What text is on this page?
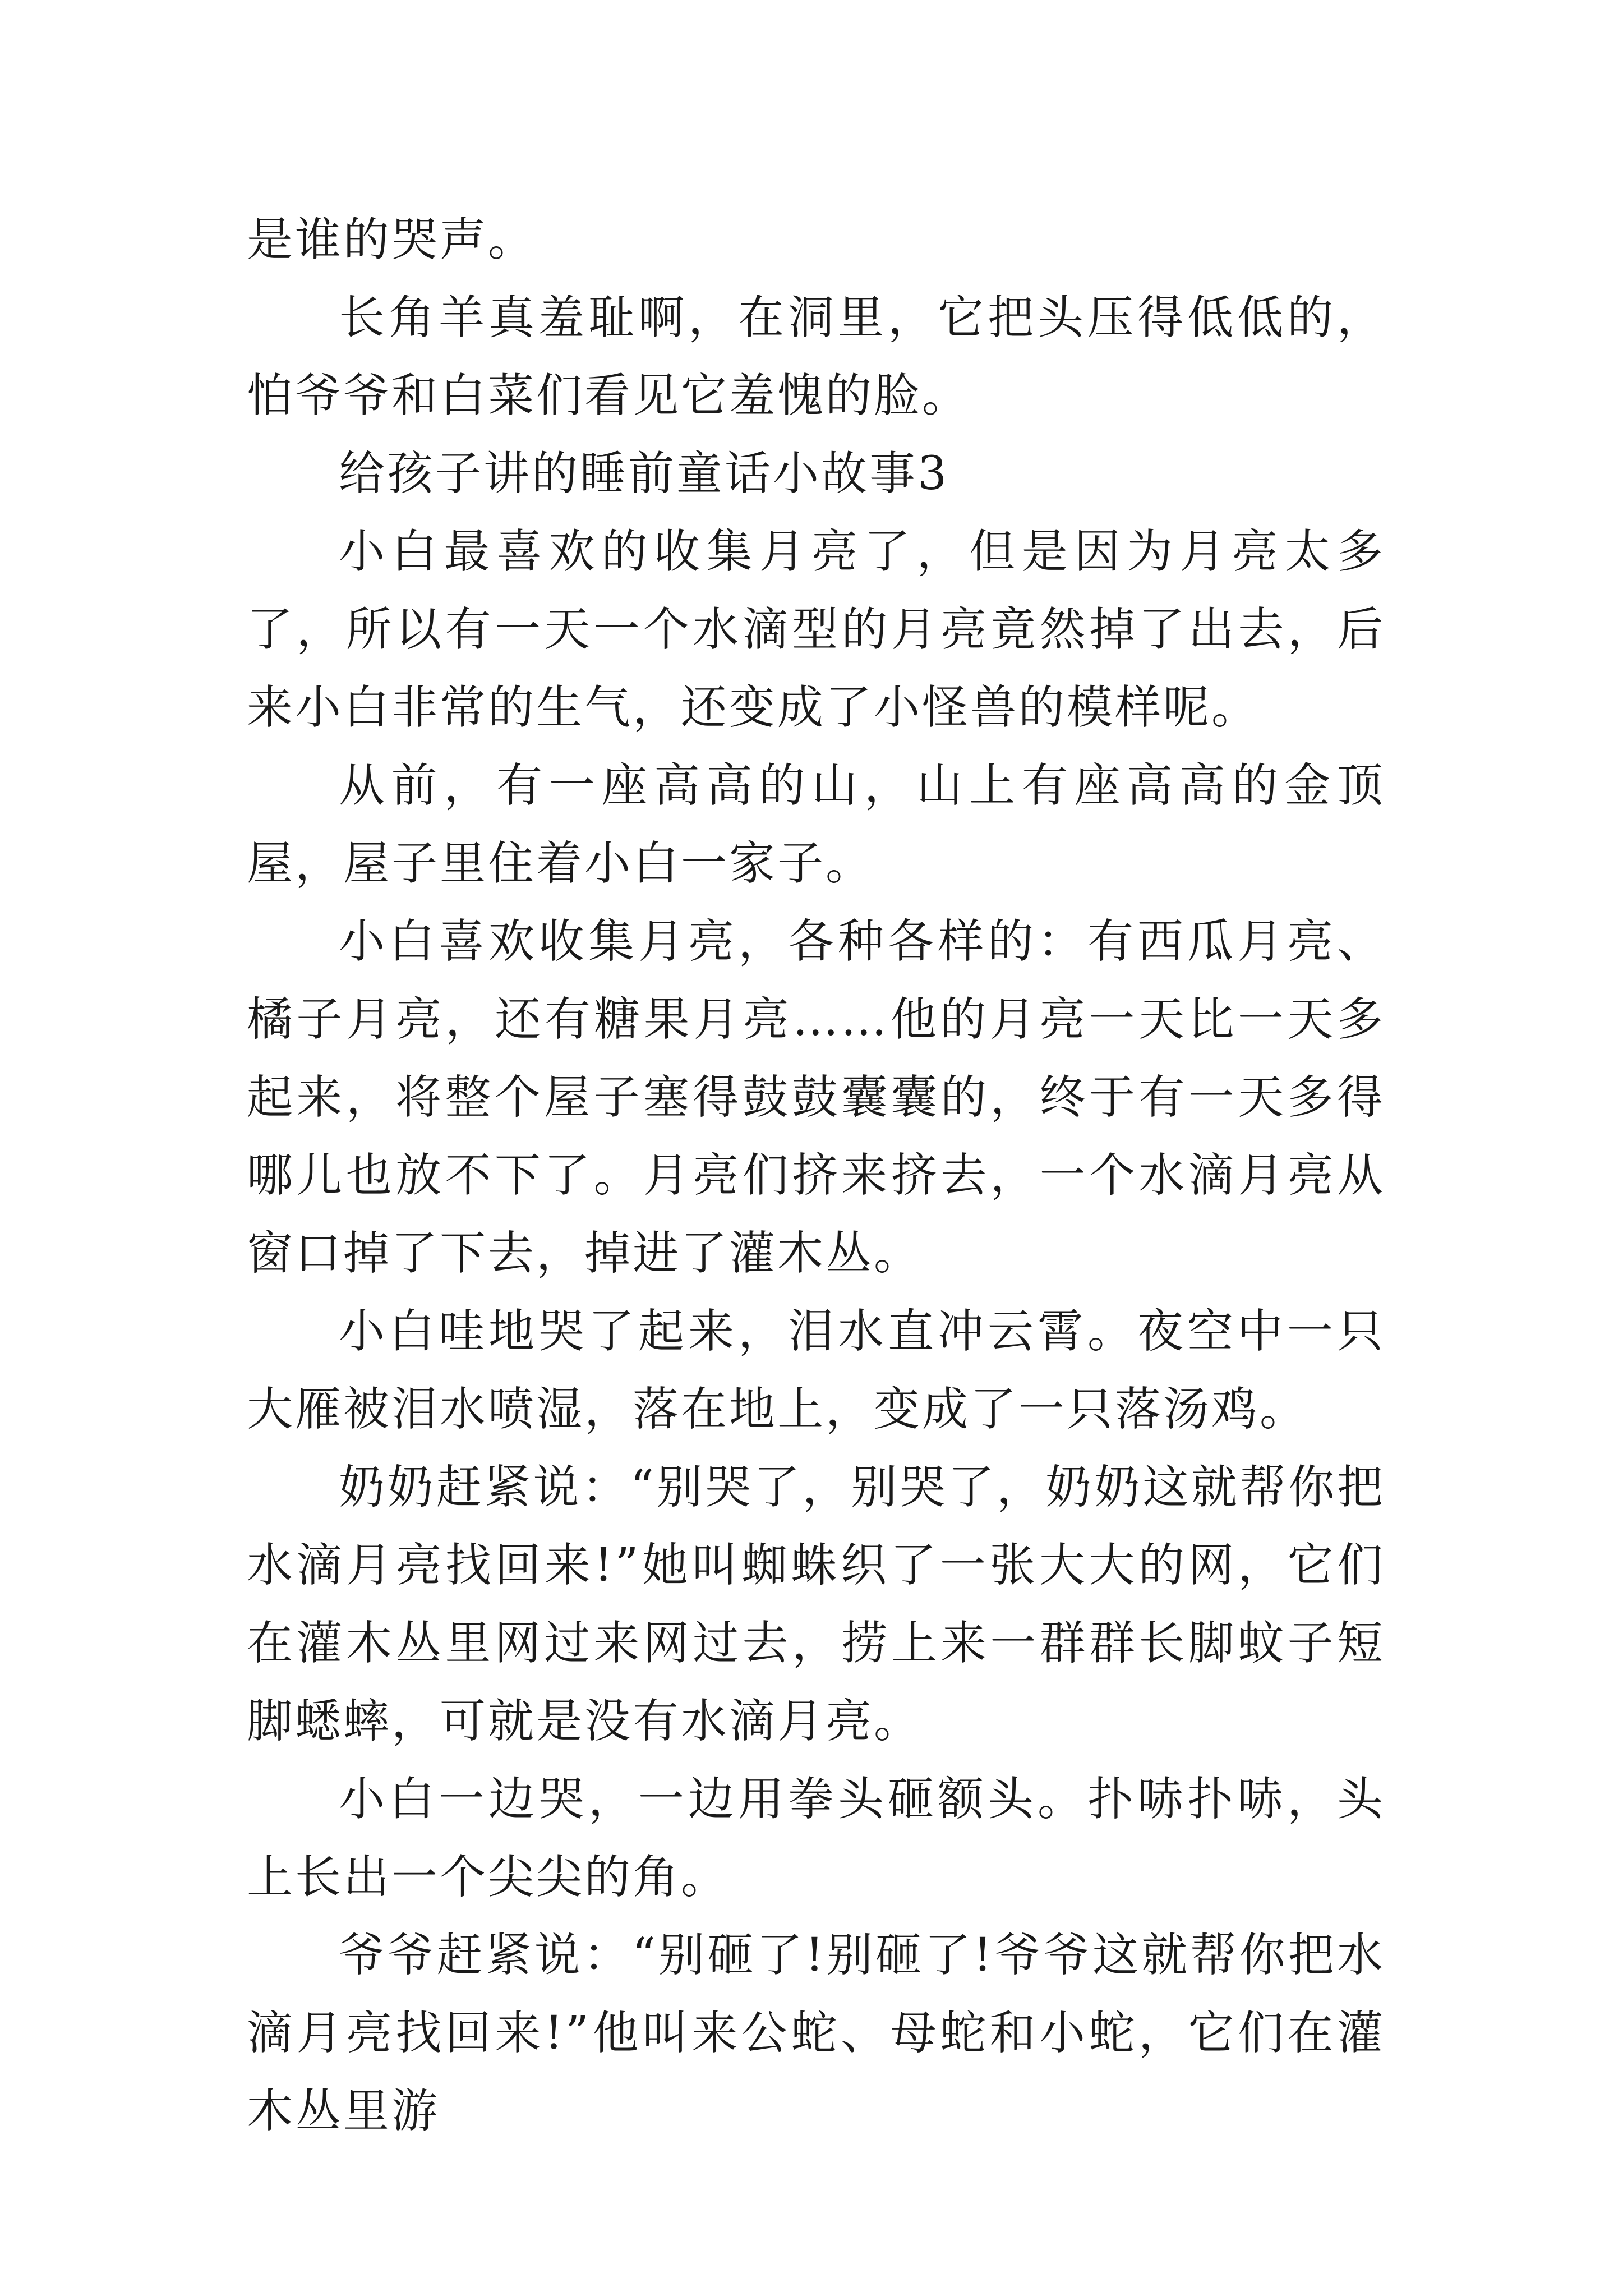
是谁的哭声。

长角羊真羞耻啊，在洞里，它把头压得低低的，怕爷爷和白菜们看见它羞愧的脸。

给孩子讲的睡前童话小故事3

小白最喜欢的收集月亮了，但是因为月亮太多了，所以有一天一个水滴型的月亮竟然掉了出去，后来小白非常的生气，还变成了小怪兽的模样呢。

从前，有一座高高的山，山上有座高高的金顶屋，屋子里住着小白一家子。

小白喜欢收集月亮，各种各样的：有西瓜月亮、橘子月亮，还有糖果月亮……他的月亮一天比一天多起来，将整个屋子塞得鼓鼓囊囊的，终于有一天多得哪儿也放不下了。月亮们挤来挤去，一个水滴月亮从窗口掉了下去，掉进了灌木丛。

小白哇地哭了起来，泪水直冲云霄。夜空中一只大雁被泪水喷湿，落在地上，变成了一只落汤鸡。

奶奶赶紧说：“别哭了，别哭了，奶奶这就帮你把水滴月亮找回来!”她叫蜘蛛织了一张大大的网，它们在灌木丛里网过来网过去，捞上来一群群长脚蚊子短脚蟋蟀，可就是没有水滴月亮。

小白一边哭，一边用拳头砸额头。扑哧扑哧，头上长出一个尖尖的角。

爷爷赶紧说：“别砸了!别砸了!爷爷这就帮你把水滴月亮找回来!”他叫来公蛇、母蛇和小蛇，它们在灌木丛里游
